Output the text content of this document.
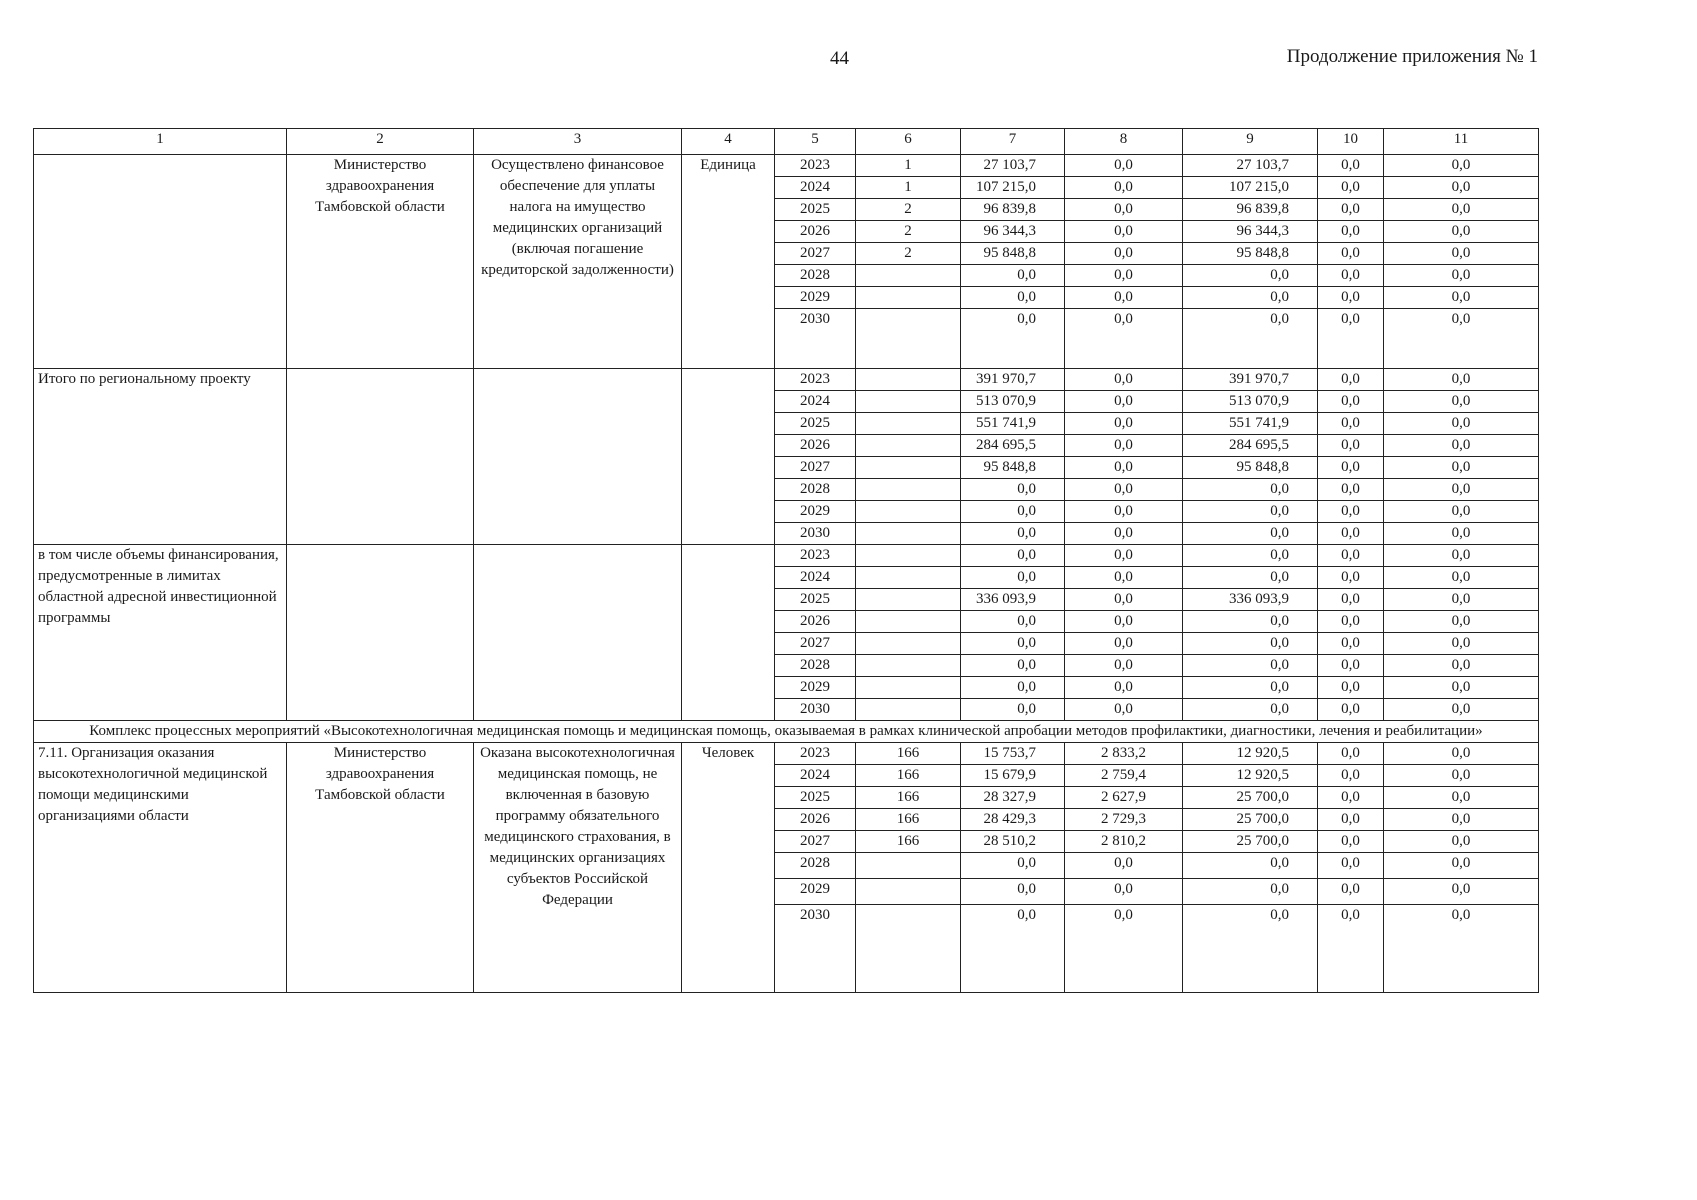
44	Продолжение приложения № 1
1	2	3	4	5	6	7	8	9	10	11
	Министерство здравоохранения Тамбовской области	Осуществлено финансовое обеспечение для уплаты налога на имущество медицинских организаций (включая погашение кредиторской задолженности)	Единица	2023	1	27 103,7	0,0	27 103,7	0,0	0,0
				2024	1	107 215,0	0,0	107 215,0	0,0	0,0
				2025	2	96 839,8	0,0	96 839,8	0,0	0,0
				2026	2	96 344,3	0,0	96 344,3	0,0	0,0
				2027	2	95 848,8	0,0	95 848,8	0,0	0,0
				2028		0,0	0,0	0,0	0,0	0,0
				2029		0,0	0,0	0,0	0,0	0,0
				2030		0,0	0,0	0,0	0,0	0,0
Итого по региональному проекту				2023		391 970,7	0,0	391 970,7	0,0	0,0
				2024		513 070,9	0,0	513 070,9	0,0	0,0
				2025		551 741,9	0,0	551 741,9	0,0	0,0
				2026		284 695,5	0,0	284 695,5	0,0	0,0
				2027		95 848,8	0,0	95 848,8	0,0	0,0
				2028		0,0	0,0	0,0	0,0	0,0
				2029		0,0	0,0	0,0	0,0	0,0
				2030		0,0	0,0	0,0	0,0	0,0
в том числе объемы финансирования, предусмотренные в лимитах областной адресной инвестиционной программы				2023		0,0	0,0	0,0	0,0	0,0
				2024		0,0	0,0	0,0	0,0	0,0
				2025		336 093,9	0,0	336 093,9	0,0	0,0
				2026		0,0	0,0	0,0	0,0	0,0
				2027		0,0	0,0	0,0	0,0	0,0
				2028		0,0	0,0	0,0	0,0	0,0
				2029		0,0	0,0	0,0	0,0	0,0
				2030		0,0	0,0	0,0	0,0	0,0
Комплекс процессных мероприятий «Высокотехнологичная медицинская помощь и медицинская помощь, оказываемая в рамках клинической апробации методов профилактики, диагностики, лечения и реабилитации»										
7.11. Организация оказания высокотехнологичной медицинской помощи медицинскими организациями области	Министерство здравоохранения Тамбовской области	Оказана высокотехнологичная медицинская помощь, не включенная в базовую программу обязательного медицинского страхования, в медицинских организациях субъектов Российской Федерации	Человек	2023	166	15 753,7	2 833,2	12 920,5	0,0	0,0
				2024	166	15 679,9	2 759,4	12 920,5	0,0	0,0
				2025	166	28 327,9	2 627,9	25 700,0	0,0	0,0
				2026	166	28 429,3	2 729,3	25 700,0	0,0	0,0
				2027	166	28 510,2	2 810,2	25 700,0	0,0	0,0
				2028		0,0	0,0	0,0	0,0	0,0
				2029		0,0	0,0	0,0	0,0	0,0
				2030		0,0	0,0	0,0	0,0	0,0
